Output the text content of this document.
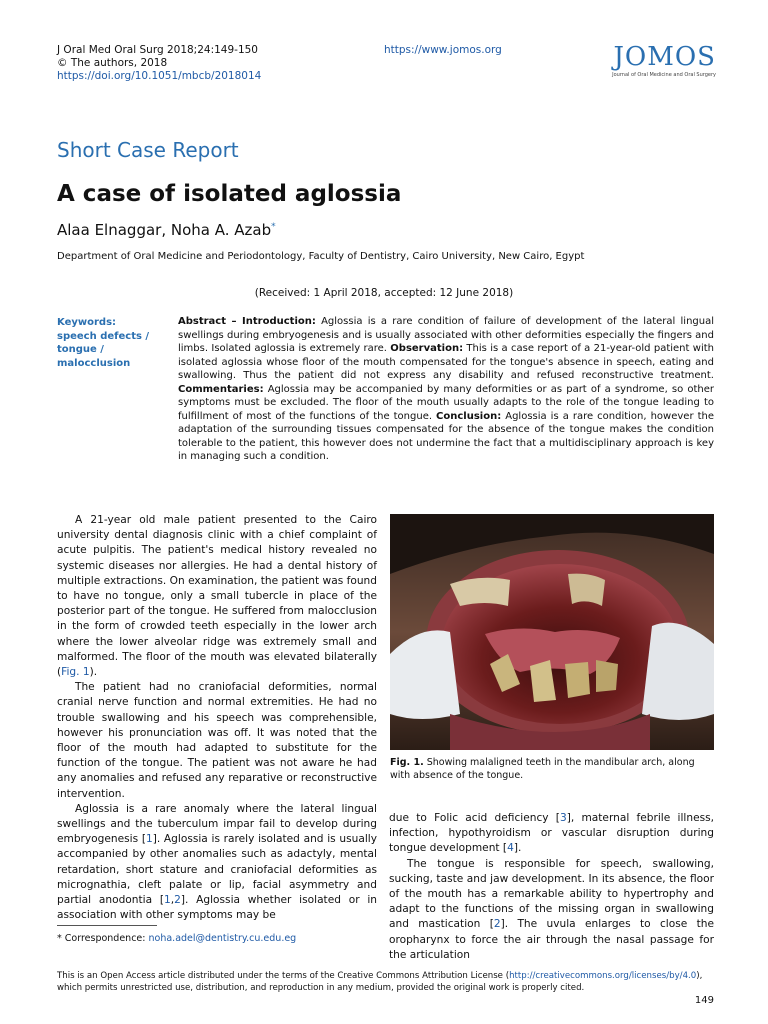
J Oral Med Oral Surg 2018;24:149-150
© The authors, 2018
https://doi.org/10.1051/mbcb/2018014
https://www.jomos.org	JOMOS
Journal of Oral Medicine and Oral Surgery
Short Case Report
A case of isolated aglossia
Alaa Elnaggar, Noha A. Azab*
Department of Oral Medicine and Periodontology, Faculty of Dentistry, Cairo University, New Cairo, Egypt
(Received: 1 April 2018, accepted: 12 June 2018)
Keywords:
speech defects /
tongue /
malocclusion
Abstract – Introduction: Aglossia is a rare condition of failure of development of the lateral lingual swellings during embryogenesis and is usually associated with other deformities especially the fingers and limbs. Isolated aglossia is extremely rare. Observation: This is a case report of a 21-year-old patient with isolated aglossia whose floor of the mouth compensated for the tongue's absence in speech, eating and swallowing. Thus the patient did not express any disability and refused reconstructive treatment. Commentaries: Aglossia may be accompanied by many deformities or as part of a syndrome, so other symptoms must be excluded. The floor of the mouth usually adapts to the role of the tongue leading to fulfillment of most of the functions of the tongue. Conclusion: Aglossia is a rare condition, however the adaptation of the surrounding tissues compensated for the absence of the tongue makes the condition tolerable to the patient, this however does not undermine the fact that a multidisciplinary approach is key in managing such a condition.

A 21-year old male patient presented to the Cairo university dental diagnosis clinic with a chief complaint of acute pulpitis. The patient's medical history revealed no systemic diseases nor allergies. He had a dental history of multiple extractions. On examination, the patient was found to have no tongue, only a small tubercle in place of the posterior part of the tongue. He suffered from malocclusion in the form of crowded teeth especially in the lower arch where the lower alveolar ridge was extremely small and malformed. The floor of the mouth was elevated bilaterally (Fig. 1).

The patient had no craniofacial deformities, normal cranial nerve function and normal extremities. He had no trouble swallowing and his speech was comprehensible, however his pronunciation was off. It was noted that the floor of the mouth had adapted to substitute for the function of the tongue. The patient was not aware he had any anomalies and refused any reparative or reconstructive intervention.

Aglossia is a rare anomaly where the lateral lingual swellings and the tuberculum impar fail to develop during embryogenesis [1]. Aglossia is rarely isolated and is usually accompanied by other anomalies such as adactyly, mental retardation, short stature and craniofacial deformities as micrognathia, cleft palate or lip, facial asymmetry and partial anodontia [1,2]. Aglossia whether isolated or in association with other symptoms may be

Fig. 1. Showing malaligned teeth in the mandibular arch, along with absence of the tongue.

due to Folic acid deficiency [3], maternal febrile illness, infection, hypothyroidism or vascular disruption during tongue development [4].

The tongue is responsible for speech, swallowing, sucking, taste and jaw development. In its absence, the floor of the mouth has a remarkable ability to hypertrophy and adapt to the functions of the missing organ in swallowing and mastication [2]. The uvula enlarges to close the oropharynx to force the air through the nasal passage for the articulation

* Correspondence: noha.adel@dentistry.cu.edu.eg
This is an Open Access article distributed under the terms of the Creative Commons Attribution License (http://creativecommons.org/licenses/by/4.0), which permits unrestricted use, distribution, and reproduction in any medium, provided the original work is properly cited.
149
